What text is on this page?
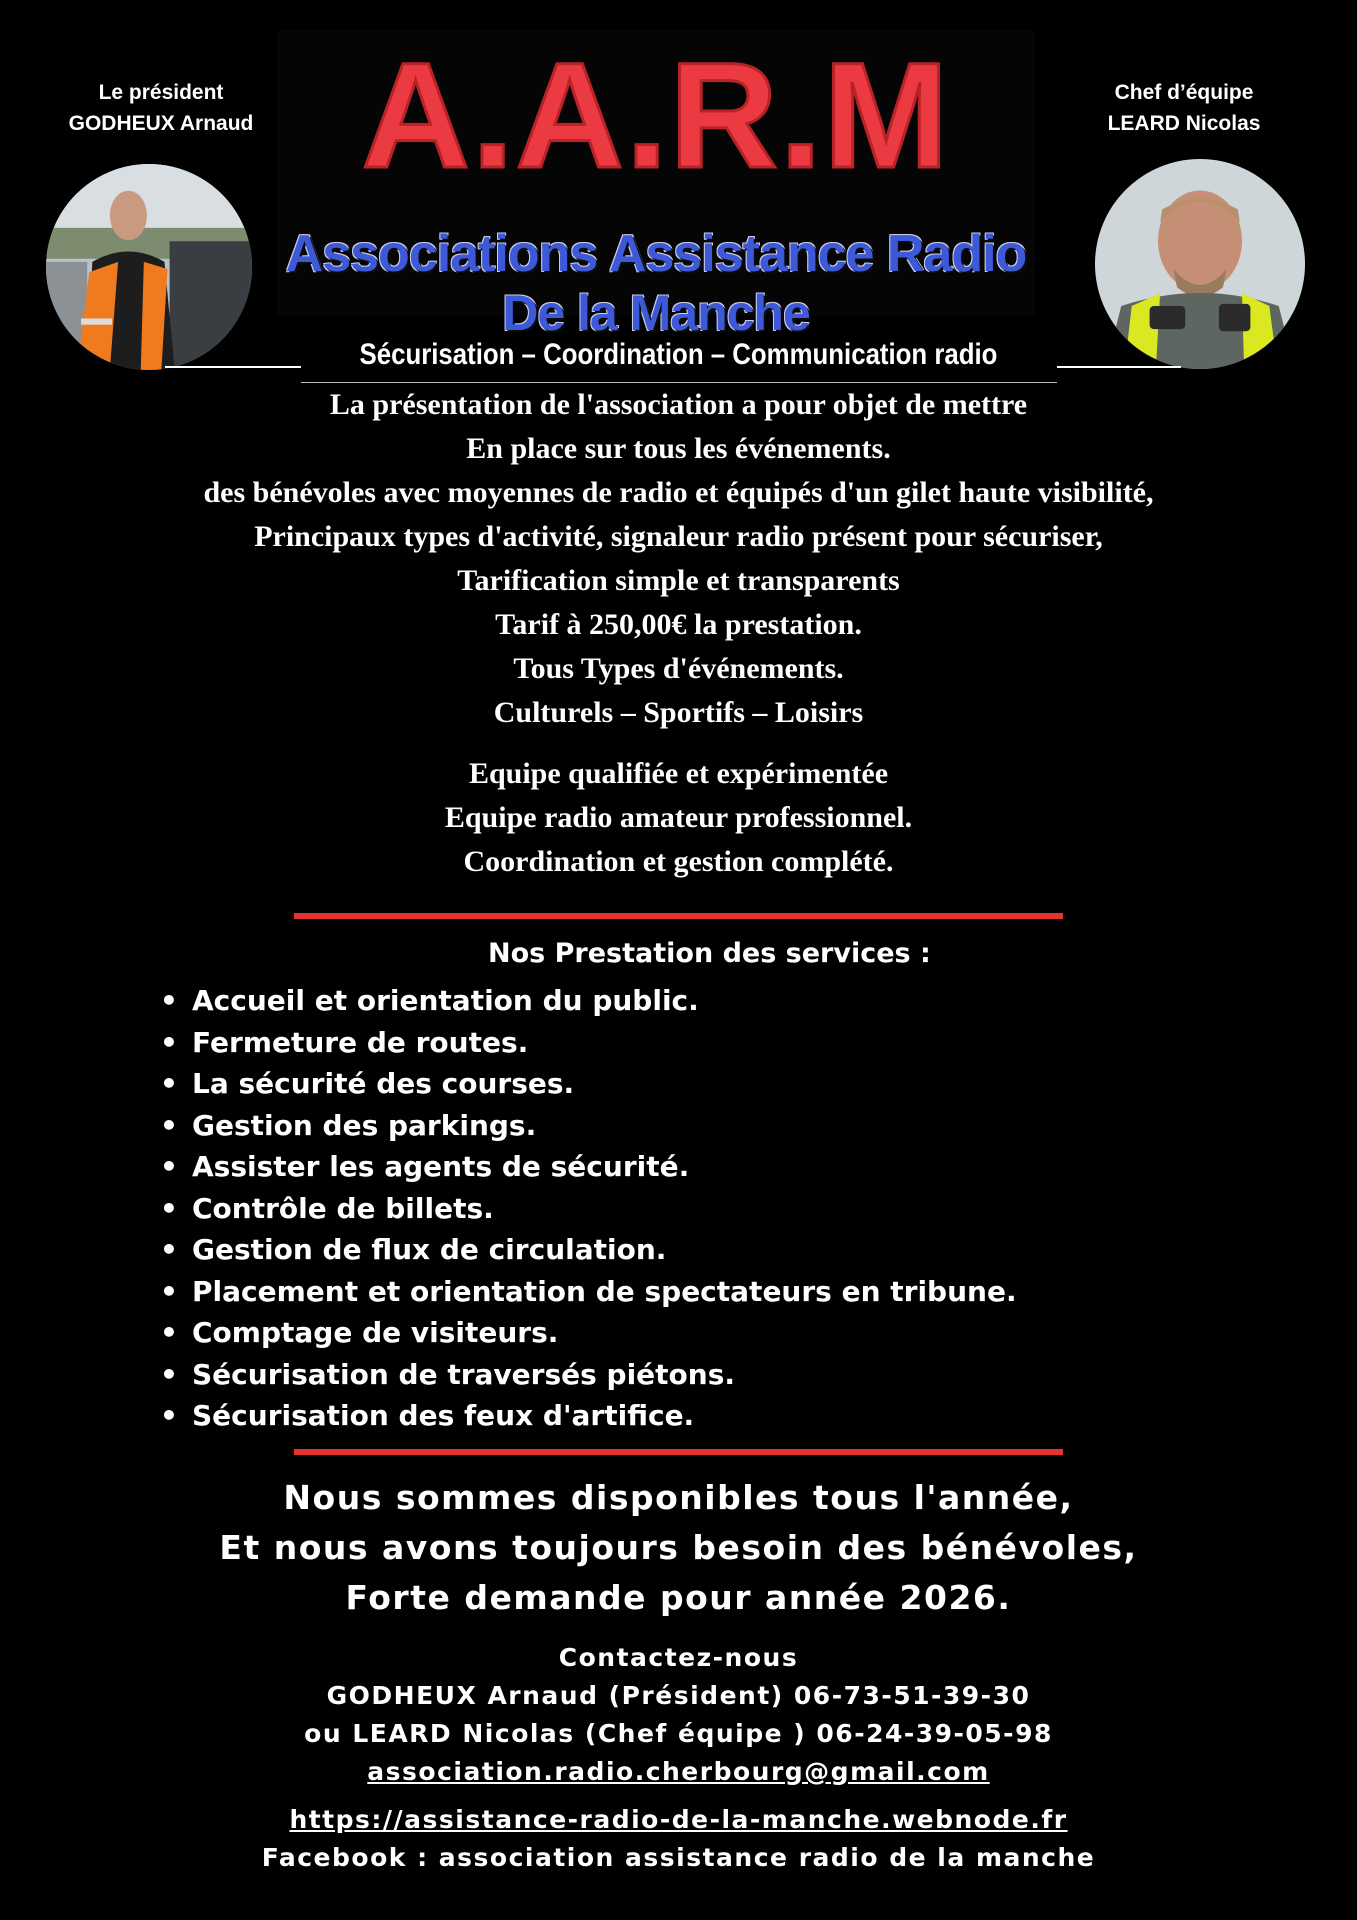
Le président
GODHEUX Arnaud A.A.R.M
Associations Assistance Radio
De la Manche
Chef d’équipe
LEARD Nicolas
Sécurisation – Coordination – Communication radio

La présentation de l'association a pour objet de mettre

En place sur tous les événements.

des bénévoles avec moyennes de radio et équipés d'un gilet haute visibilité,

Principaux types d'activité, signaleur radio présent pour sécuriser,

Tarification simple et transparents

Tarif à 250,00€ la prestation.

Tous Types d'événements.

Culturels – Sportifs – Loisirs

Equipe qualifiée et expérimentée

Equipe radio amateur professionnel.

Coordination et gestion complété.

Nos Prestation des services :
• Accueil et orientation du public.
• Fermeture de routes.
• La sécurité des courses.
• Gestion des parkings.
• Assister les agents de sécurité.
• Contrôle de billets.
• Gestion de flux de circulation.
• Placement et orientation de spectateurs en tribune.
• Comptage de visiteurs.
• Sécurisation de traversés piétons.
• Sécurisation des feux d'artifice.

Nous sommes disponibles tous l'année,

Et nous avons toujours besoin des bénévoles,

Forte demande pour année 2026.

Contactez-nous

GODHEUX Arnaud (Président) 06-73-51-39-30

ou LEARD Nicolas (Chef équipe ) 06-24-39-05-98

association.radio.cherbourg@gmail.com

https://assistance-radio-de-la-manche.webnode.fr

Facebook : association assistance radio de la manche
